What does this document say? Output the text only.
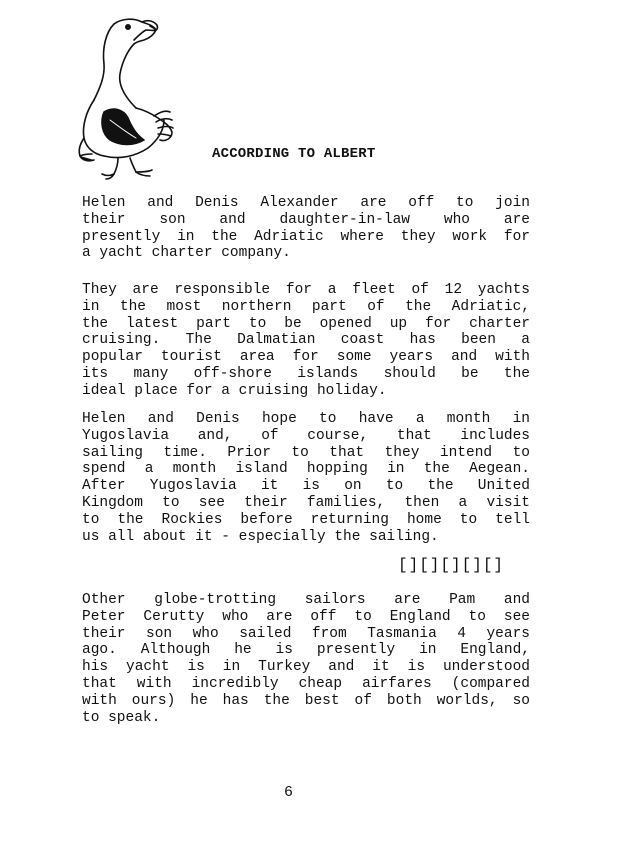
ACCORDING TO ALBERT
Helen and Denis Alexander are off to join
their son and daughter-in-law who are
presently in the Adriatic where they work for
a yacht charter company.
They are responsible for a fleet of 12 yachts
in the most northern part of the Adriatic,
the latest part to be opened up for charter
cruising. The Dalmatian coast has been a
popular tourist area for some years and with
its many off-shore islands should be the
ideal place for a cruising holiday.
Helen and Denis hope to have a month in
Yugoslavia and, of course, that includes
sailing time. Prior to that they intend to
spend a month island hopping in the Aegean.
After Yugoslavia it is on to the United
Kingdom to see their families, then a visit
to the Rockies before returning home to tell
us all about it - especially the sailing.
[][][][][]
Other globe-trotting sailors are Pam and
Peter Cerutty who are off to England to see
their son who sailed from Tasmania 4 years
ago. Although he is presently in England,
his yacht is in Turkey and it is understood
that with incredibly cheap airfares (compared
with ours) he has the best of both worlds, so
to speak.
6
